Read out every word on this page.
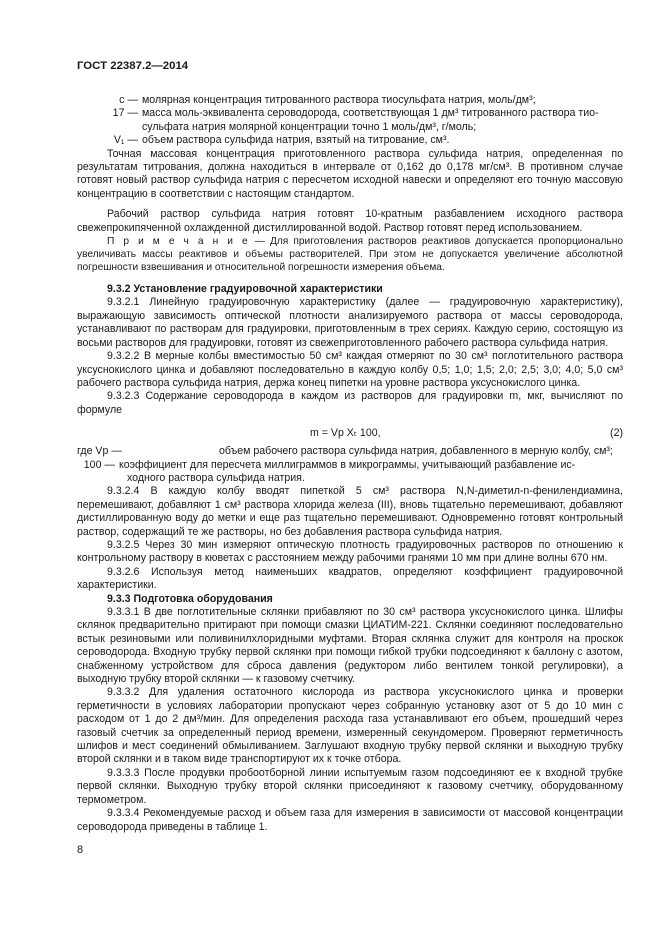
ГОСТ 22387.2—2014
c — молярная концентрация титрованного раствора тиосульфата натрия, моль/дм³;
17 — масса моль-эквивалента сероводорода, соответствующая 1 дм³ титрованного раствора тио-
сульфата натрия молярной концентрации точно 1 моль/дм³, г/моль;
V₁ — объем раствора сульфида натрия, взятый на титрование, см³.

Точная массовая концентрация приготовленного раствора сульфида натрия, определенная по результатам титрования, должна находиться в интервале от 0,162 до 0,178 мг/см³. В противном случае готовят новый раствор сульфида натрия с пересчетом исходной навески и определяют его точную массовую концентрацию в соответствии с настоящим стандартом.

Рабочий раствор сульфида натрия готовят 10-кратным разбавлением исходного раствора свежепрокипяченной охлажденной дистиллированной водой. Раствор готовят перед использованием.

П р и м е ч а н и е — Для приготовления растворов реактивов допускается пропорционально увеличивать массы реактивов и объемы растворителей. При этом не допускается увеличение абсолютной погрешности взвешивания и относительной погрешности измерения объема.

9.3.2 Установление градуировочной характеристики

9.3.2.1 Линейную градуировочную характеристику (далее — градуировочную характеристику), выражающую зависимость оптической плотности анализируемого раствора от массы сероводорода, устанавливают по растворам для градуировки, приготовленным в трех сериях. Каждую серию, состоящую из восьми растворов для градуировки, готовят из свежеприготовленного рабочего раствора сульфида натрия.

9.3.2.2 В мерные колбы вместимостью 50 см³ каждая отмеряют по 30 см³ поглотительного раствора уксуснокислого цинка и добавляют последовательно в каждую колбу 0,5; 1,0; 1,5; 2,0; 2,5; 3,0; 4,0; 5,0 см³ рабочего раствора сульфида натрия, держа конец пипетки на уровне раствора уксуснокислого цинка.

9.3.2.3 Содержание сероводорода в каждом из растворов для градуировки m, мкг, вычисляют по формуле

m = Vр Xₜ 100,	(2)
где Vр —	объем рабочего раствора сульфида натрия, добавленного в мерную колбу, см³;
100 — коэффициент для пересчета миллиграммов в микрограммы, учитывающий разбавление ис-
ходного раствора сульфида натрия.

9.3.2.4 В каждую колбу вводят пипеткой 5 см³ раствора N,N-диметил-n-фенилендиамина, перемешивают, добавляют 1 см³ раствора хлорида железа (III), вновь тщательно перемешивают, добавляют дистиллированную воду до метки и еще раз тщательно перемешивают. Одновременно готовят контрольный раствор, содержащий те же растворы, но без добавления раствора сульфида натрия.

9.3.2.5 Через 30 мин измеряют оптическую плотность градуировочных растворов по отношению к контрольному раствору в кюветах с расстоянием между рабочими гранями 10 мм при длине волны 670 нм.

9.3.2.6 Используя метод наименьших квадратов, определяют коэффициент градуировочной характеристики.

9.3.3 Подготовка оборудования

9.3.3.1 В две поглотительные склянки прибавляют по 30 см³ раствора уксуснокислого цинка. Шлифы склянок предварительно притирают при помощи смазки ЦИАТИМ-221. Склянки соединяют последовательно встык резиновыми или поливинилхлоридными муфтами. Вторая склянка служит для контроля на проскок сероводорода. Входную трубку первой склянки при помощи гибкой трубки подсоединяют к баллону с азотом, снабженному устройством для сброса давления (редуктором либо вентилем тонкой регулировки), а выходную трубку второй склянки — к газовому счетчику.

9.3.3.2 Для удаления остаточного кислорода из раствора уксуснокислого цинка и проверки герметичности в условиях лаборатории пропускают через собранную установку азот от 5 до 10 мин с расходом от 1 до 2 дм³/мин. Для определения расхода газа устанавливают его объем, прошедший через газовый счетчик за определенный период времени, измеренный секундомером. Проверяют герметичность шлифов и мест соединений обмыливанием. Заглушают входную трубку первой склянки и выходную трубку второй склянки и в таком виде транспортируют их к точке отбора.

9.3.3.3 После продувки пробоотборной линии испытуемым газом подсоединяют ее к входной трубке первой склянки. Выходную трубку второй склянки присоединяют к газовому счетчику, оборудованному термометром.

9.3.3.4 Рекомендуемые расход и объем газа для измерения в зависимости от массовой концентрации сероводорода приведены в таблице 1.

8
